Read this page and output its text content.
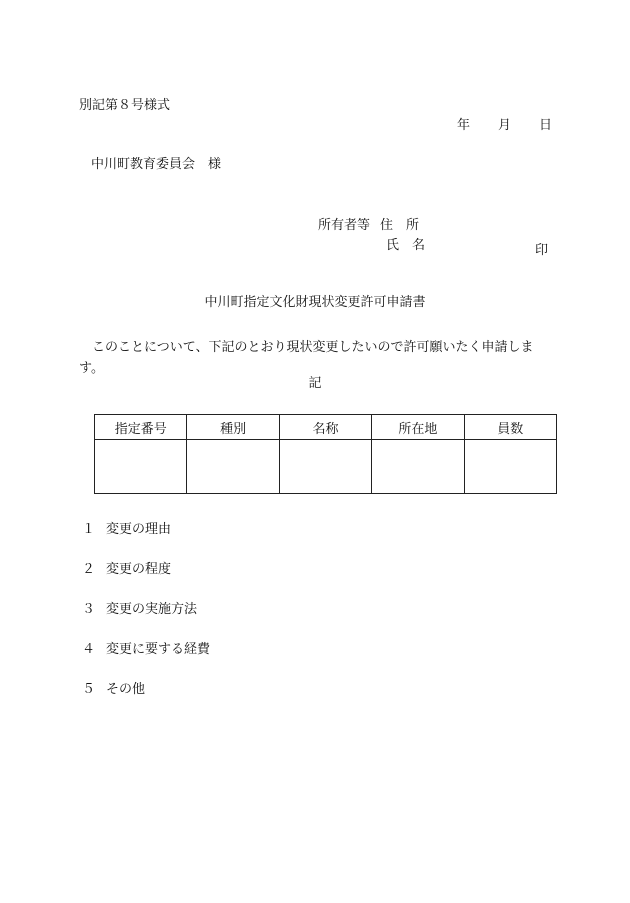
別記第８号様式
年 月 日
中川町教育委員会　様
所有者等 住　所
氏　名	印
中川町指定文化財現状変更許可申請書
このことについて、下記のとおり現状変更したいので許可願いたく申請します。
記
指定番号	種別	名称	所在地	員数

１ 変更の理由
２ 変更の程度
３ 変更の実施方法
４ 変更に要する経費
５ その他
